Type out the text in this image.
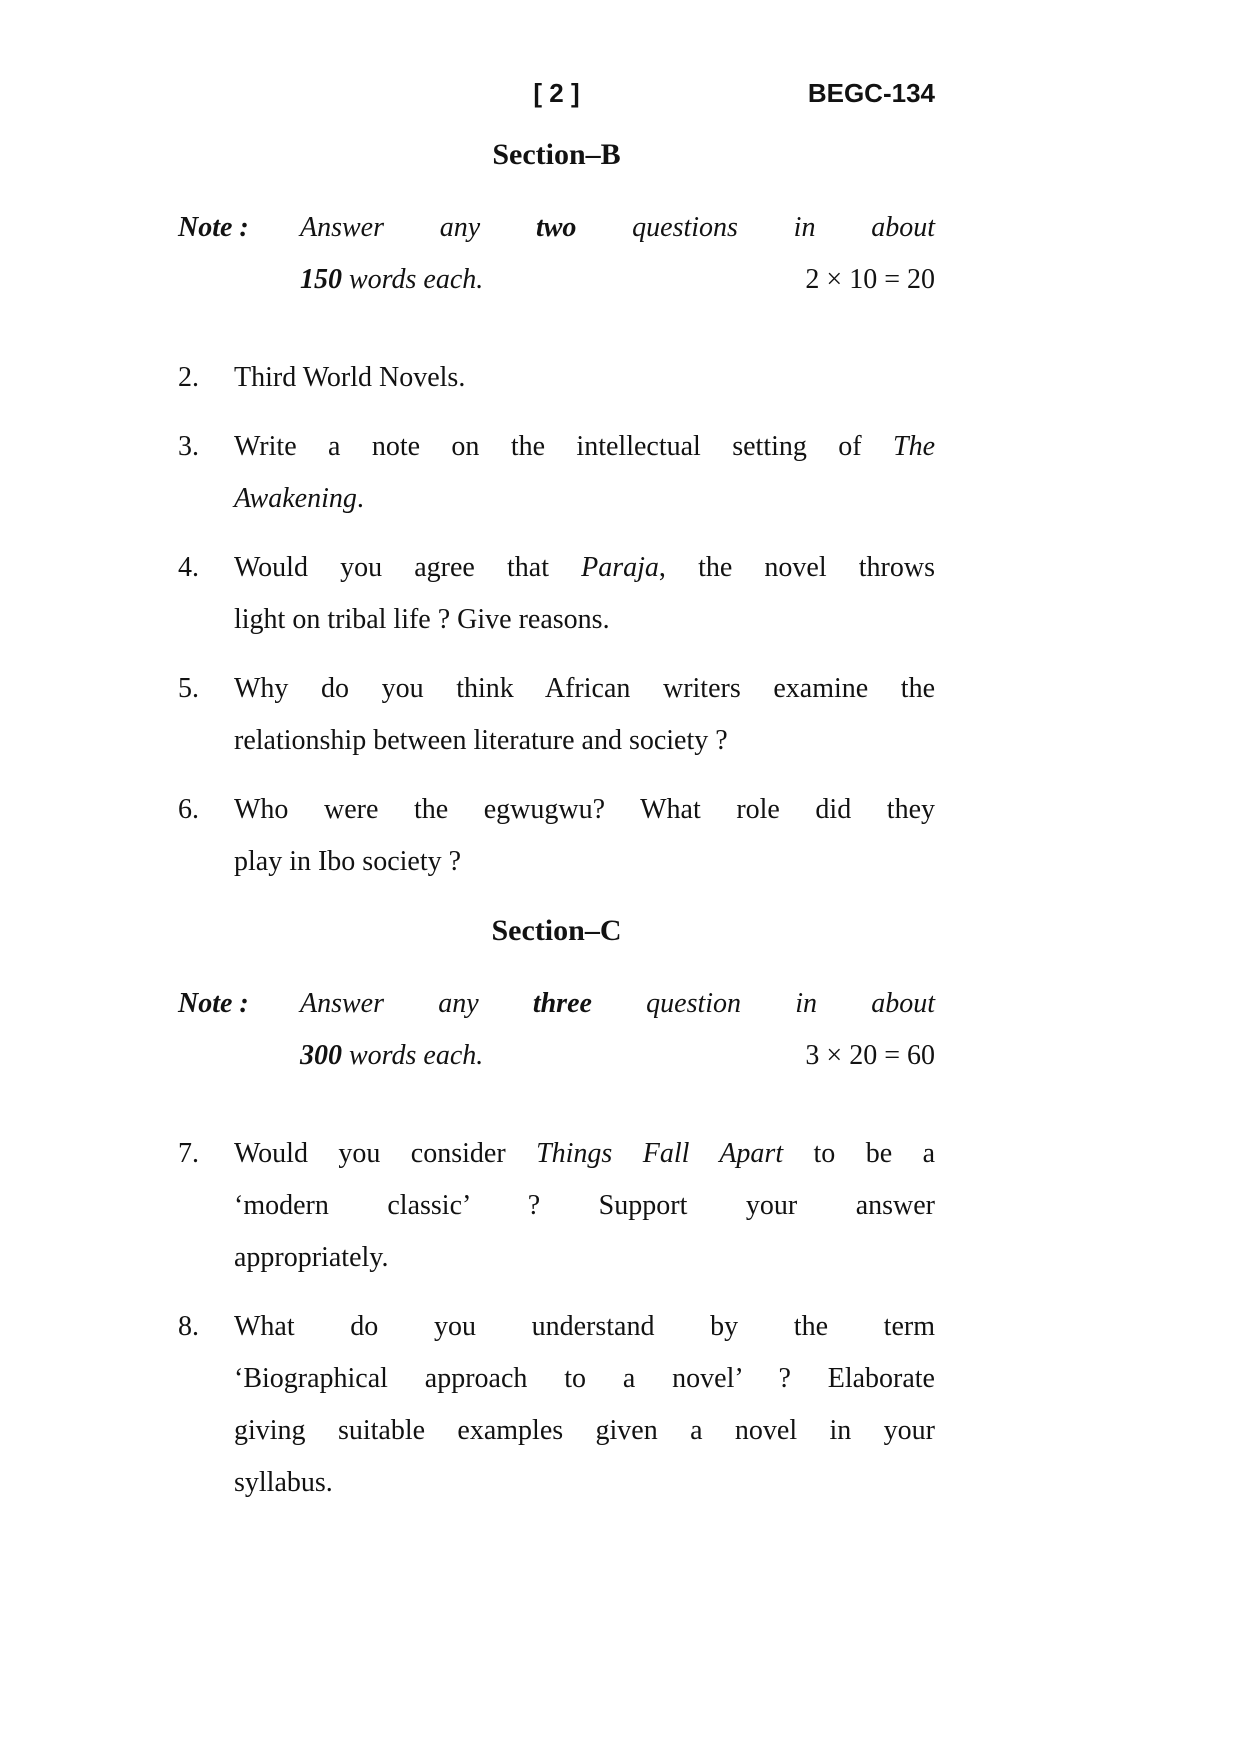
[ 2 ]	BEGC-134
Section–B
Note :	Answer any two questions in about
150 words each.	2 × 10 = 20
2.	Third World Novels.
3.	Write a note on the intellectual setting of The
Awakening.
4.	Would you agree that Paraja, the novel throws
light on tribal life ? Give reasons.
5.	Why do you think African writers examine the
relationship between literature and society ?
6.	Who were the egwugwu? What role did they
play in Ibo society ?
Section–C
Note :	Answer any three question in about
300 words each.	3 × 20 = 60
7.	Would you consider Things Fall Apart to be a
‘modern classic’ ? Support your answer
appropriately.
8.	What do you understand by the term
‘Biographical approach to a novel’ ? Elaborate
giving suitable examples given a novel in your
syllabus.
